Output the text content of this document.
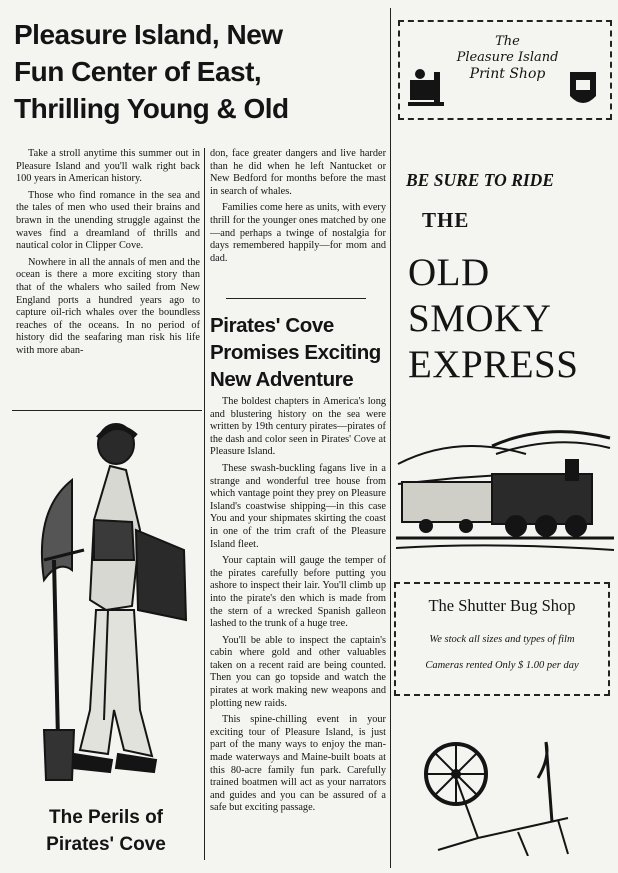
Pleasure Island, New
Fun Center of East,
Thrilling Young & Old

Take a stroll anytime this summer out in Pleasure Island and you'll walk right back 100 years in American history.

Those who find romance in the sea and the tales of men who used their brains and brawn in the unending struggle against the waves find a dreamland of thrills and nautical color in Clipper Cove.

Nowhere in all the annals of men and the ocean is there a more exciting story than that of the whalers who sailed from New England ports a hundred years ago to capture oil-rich whales over the boundless reaches of the oceans. In no period of history did the seafaring man risk his life with more aban-

don, face greater dangers and live harder than he did when he left Nantucket or New Bedford for months before the mast in search of whales.

Families come here as units, with every thrill for the younger ones matched by one—and perhaps a twinge of nostalgia for days remembered happily—for mom and dad.

Pirates' Cove
Promises Exciting
New Adventure

The boldest chapters in America's long and blustering history on the sea were written by 19th century pirates—pirates of the dash and color seen in Pirates' Cove at Pleasure Island.

These swash-buckling fagans live in a strange and wonderful tree house from which vantage point they prey on Pleasure Island's coastwise shipping—in this case You and your shipmates skirting the coast in one of the trim craft of the Pleasure Island fleet.

Your captain will gauge the temper of the pirates carefully before putting you ashore to inspect their lair. You'll climb up into the pirate's den which is made from the stern of a wrecked Spanish galleon lashed to the trunk of a huge tree.

You'll be able to inspect the captain's cabin where gold and other valuables taken on a recent raid are being counted. Then you can go topside and watch the pirates at work making new weapons and plotting new raids.

This spine-chilling event in your exciting tour of Pleasure Island, is just part of the many ways to enjoy the man-made waterways and Maine-built boats at this 80-acre family fun park. Carefully trained boatmen will act as your narrators and guides and you can be assured of a safe but exciting passage.

The Perils of
Pirates' Cove
The
Pleasure Island
Print Shop
BE SURE TO RIDE
THE
OLD
SMOKY
EXPRESS
The Shutter Bug Shop
We stock all sizes and types of film
Cameras rented Only $ 1.00 per day
